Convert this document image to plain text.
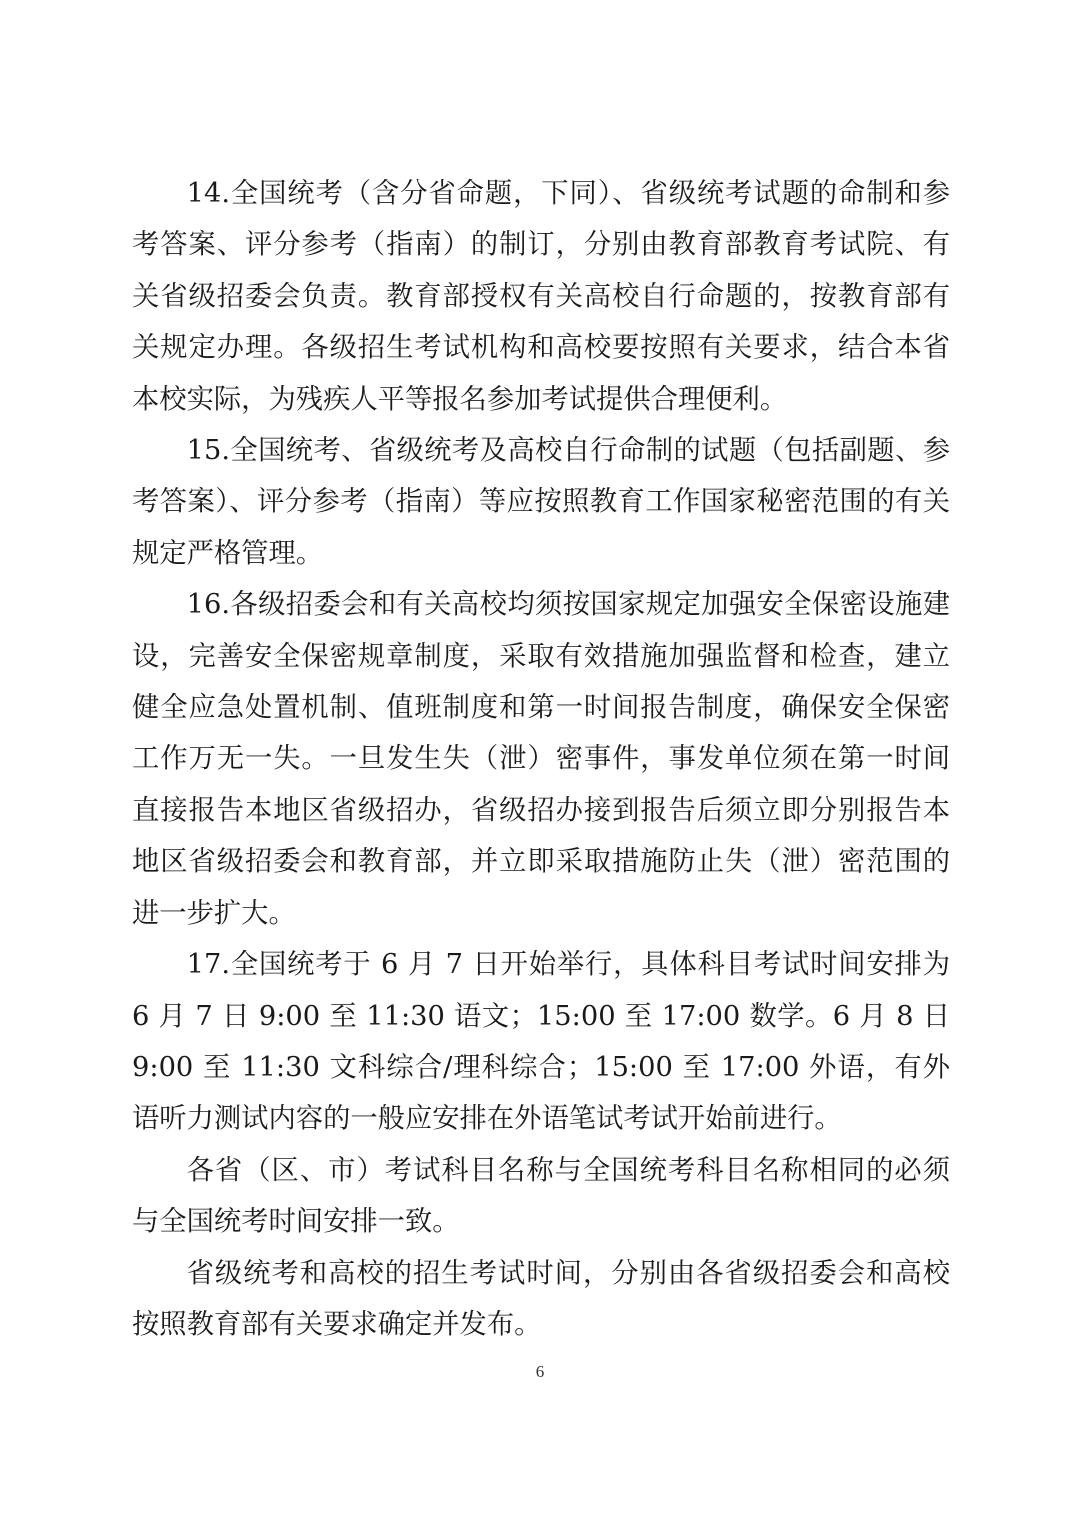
14.全国统考（含分省命题，下同）、省级统考试题的命制和参考答案、评分参考（指南）的制订，分别由教育部教育考试院、有关省级招委会负责。教育部授权有关高校自行命题的，按教育部有关规定办理。各级招生考试机构和高校要按照有关要求，结合本省本校实际，为残疾人平等报名参加考试提供合理便利。

15.全国统考、省级统考及高校自行命制的试题（包括副题、参考答案）、评分参考（指南）等应按照教育工作国家秘密范围的有关规定严格管理。

16.各级招委会和有关高校均须按国家规定加强安全保密设施建设，完善安全保密规章制度，采取有效措施加强监督和检查，建立健全应急处置机制、值班制度和第一时间报告制度，确保安全保密工作万无一失。一旦发生失（泄）密事件，事发单位须在第一时间直接报告本地区省级招办，省级招办接到报告后须立即分别报告本地区省级招委会和教育部，并立即采取措施防止失（泄）密范围的进一步扩大。

17.全国统考于 6 月 7 日开始举行，具体科目考试时间安排为 6 月 7 日 9:00 至 11:30 语文；15:00 至 17:00 数学。6 月 8 日 9:00 至 11:30 文科综合/理科综合；15:00 至 17:00 外语，有外语听力测试内容的一般应安排在外语笔试考试开始前进行。

各省（区、市）考试科目名称与全国统考科目名称相同的必须与全国统考时间安排一致。

省级统考和高校的招生考试时间，分别由各省级招委会和高校按照教育部有关要求确定并发布。

6
